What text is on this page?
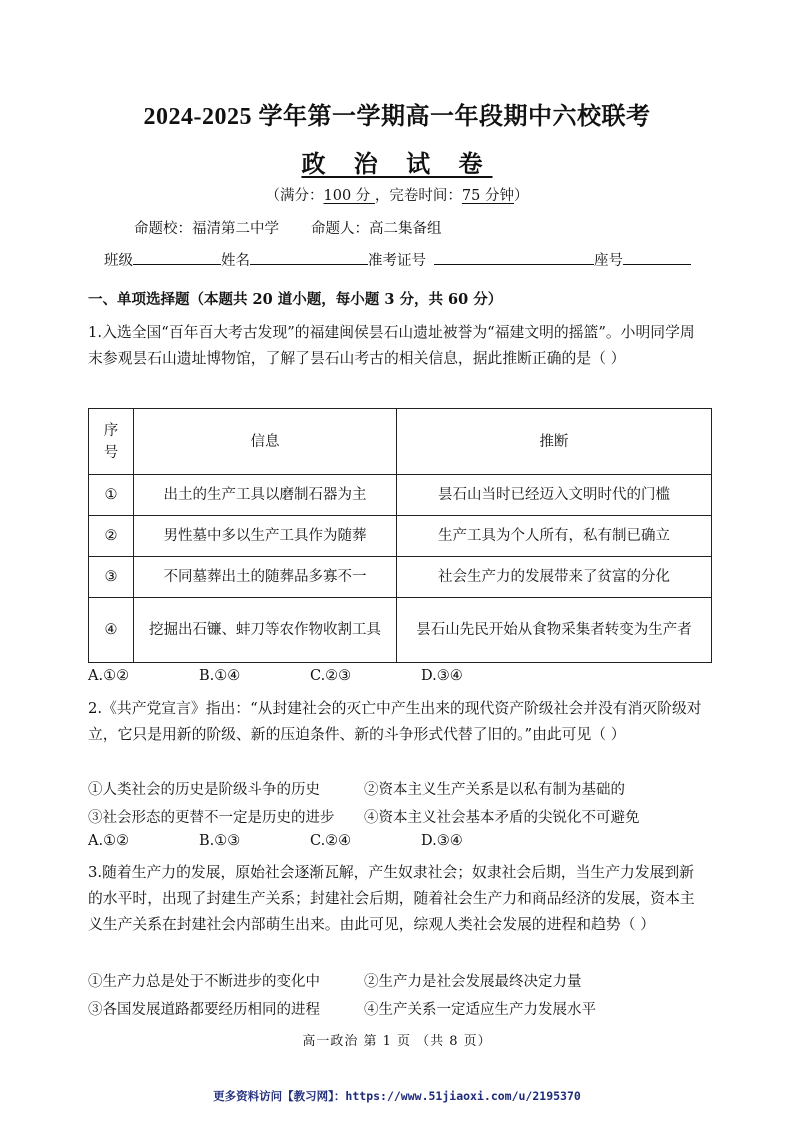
2024-2025 学年第一学期高一年段期中六校联考
政 治 试 卷
（满分：100 分 ，完卷时间：75 分钟）
命题校：福清第二中学 命题人：高二集备组
班级	姓名	准考证号	座号
一、单项选择题（本题共 20 道小题，每小题 3 分，共 60 分）
1.入选全国“百年百大考古发现”的福建闽侯昙石山遗址被誉为“福建文明的摇篮”。小明同学周末参观昙石山遗址博物馆，了解了昙石山考古的相关信息，据此推断正确的是（ ）
序号	信息	推断
①	出土的生产工具以磨制石器为主	昙石山当时已经迈入文明时代的门槛
②	男性墓中多以生产工具作为随葬	生产工具为个人所有，私有制已确立
③	不同墓葬出土的随葬品多寡不一	社会生产力的发展带来了贫富的分化
④	挖掘出石镰、蚌刀等农作物收割工具	昙石山先民开始从食物采集者转变为生产者
A.①②	B.①④	C.②③	D.③④
2.《共产党宣言》指出：“从封建社会的灭亡中产生出来的现代资产阶级社会并没有消灭阶级对立，它只是用新的阶级、新的压迫条件、新的斗争形式代替了旧的。”由此可见（ ）
①人类社会的历史是阶级斗争的历史	②资本主义生产关系是以私有制为基础的
③社会形态的更替不一定是历史的进步 ④资本主义社会基本矛盾的尖锐化不可避免
A.①②	B.①③	C.②④	D.③④
3.随着生产力的发展，原始社会逐渐瓦解，产生奴隶社会；奴隶社会后期，当生产力发展到新的水平时，出现了封建生产关系；封建社会后期，随着社会生产力和商品经济的发展，资本主义生产关系在封建社会内部萌生出来。由此可见，综观人类社会发展的进程和趋势（ ）
①生产力总是处于不断进步的变化中	②生产力是社会发展最终决定力量
③各国发展道路都要经历相同的进程	④生产关系一定适应生产力发展水平
高一政治 第 1 页 （共 8 页）
更多资料访问【教习网】：https://www.51jiaoxi.com/u/2195370
